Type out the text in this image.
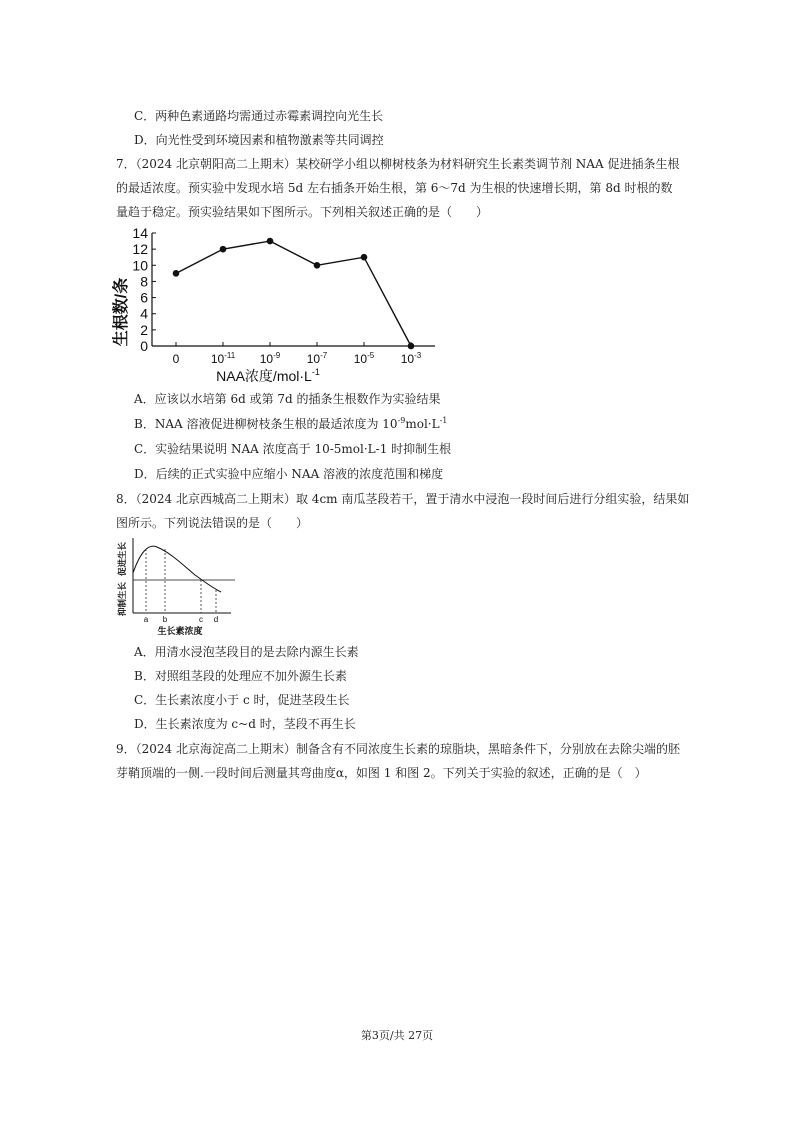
C．两种色素通路均需通过赤霉素调控向光生长
D．向光性受到环境因素和植物激素等共同调控
7．（2024 北京朝阳高二上期末）某校研学小组以柳树枝条为材料研究生长素类调节剂 NAA 促进插条生根
的最适浓度。预实验中发现水培 5d 左右插条开始生根，第 6～7d 为生根的快速增长期，第 8d 时根的数
量趋于稳定。预实验结果如下图所示。下列相关叙述正确的是（　　）
0
2
4
6
8
10
12
14
0	$10^{-11}$ $10^{-9}$ $10^{-7}$ $10^{-5}$ $10^{-3}$
生根数/条
NAA浓度$/mol\cdot L^{-1}$
A．应该以水培第 6d 或第 7d 的插条生根数作为实验结果
B．NAA 溶液促进柳树枝条生根的最适浓度为 $10^{-9}mol\cdot L^{-1}$
C．实验结果说明 NAA 浓度高于 10-5mol·L-1 时抑制生根
D．后续的正式实验中应缩小 NAA 溶液的浓度范围和梯度
8．（2024 北京西城高二上期末）取 4cm 南瓜茎段若干，置于清水中浸泡一段时间后进行分组实验，结果如
图所示。下列说法错误的是（　　）
a b	c d
促进生长
抑制生长
生长素浓度
A．用清水浸泡茎段目的是去除内源生长素
B．对照组茎段的处理应不加外源生长素
C．生长素浓度小于 c 时，促进茎段生长
D．生长素浓度为 c~d 时，茎段不再生长
9．（2024 北京海淀高二上期末）制备含有不同浓度生长素的琼脂块，黑暗条件下，分别放在去除尖端的胚
芽鞘顶端的一侧.一段时间后测量其弯曲度α，如图 1 和图 2。下列关于实验的叙述，正确的是（　）
第3页/共 27页
